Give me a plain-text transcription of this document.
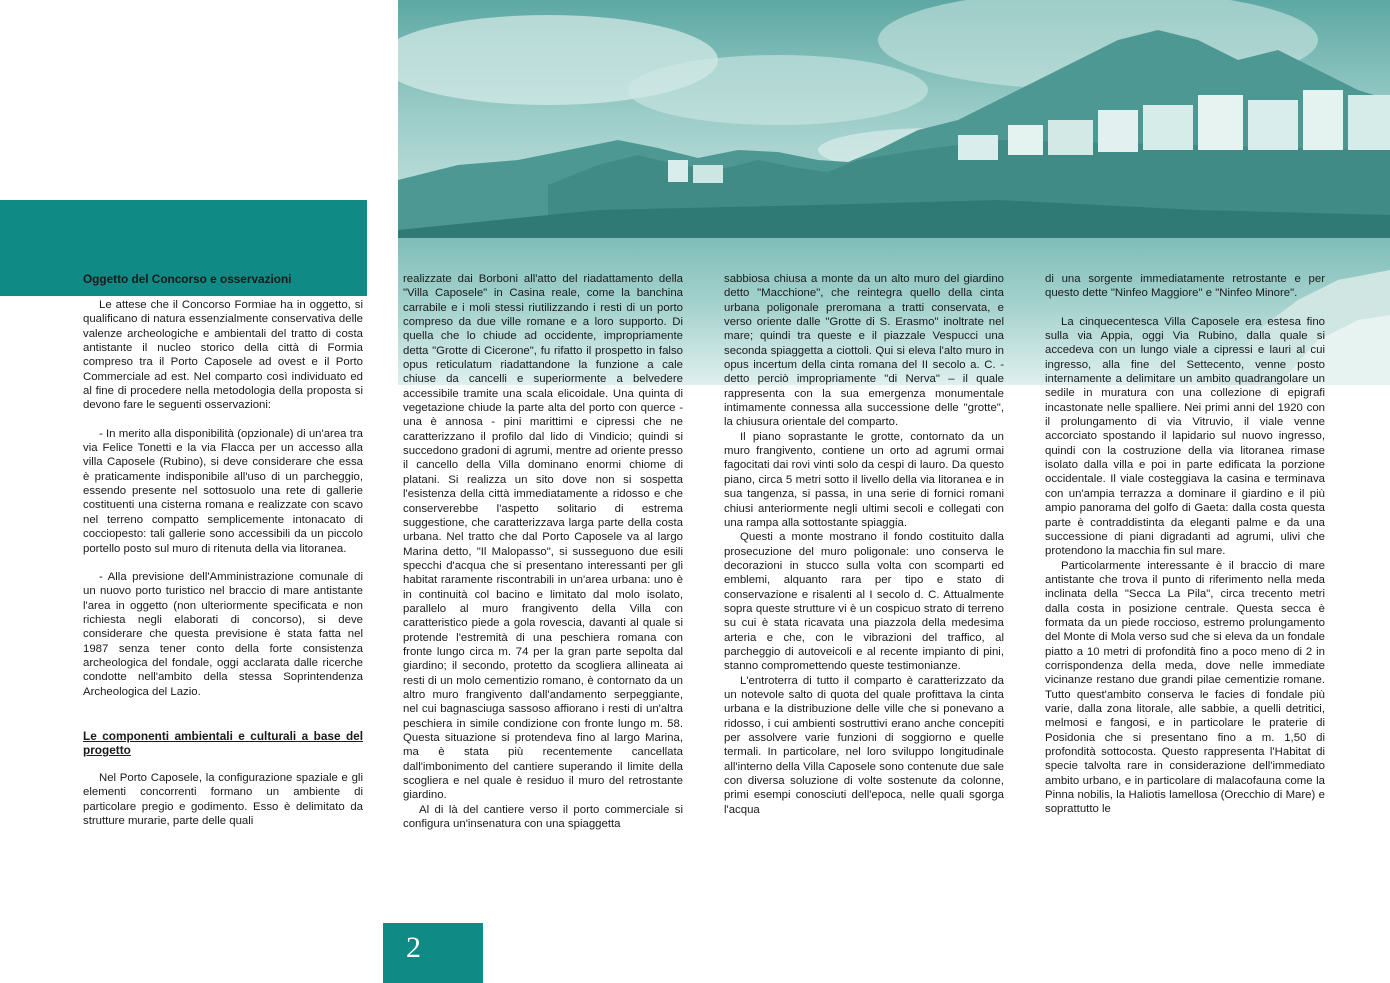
Oggetto del Concorso e osservazioni

Le attese che il Concorso Formiae ha in oggetto, si qualificano di natura essenzialmente conservativa delle valenze archeologiche e ambientali del tratto di costa antistante il nucleo storico della città di Formia compreso tra il Porto Caposele ad ovest e il Porto Commerciale ad est. Nel comparto così individuato ed al fine di procedere nella metodologia della proposta si devono fare le seguenti osservazioni:

- In merito alla disponibilità (opzionale) di un'area tra via Felice Tonetti e la via Flacca per un accesso alla villa Caposele (Rubino), si deve considerare che essa è praticamente indisponibile all'uso di un parcheggio, essendo presente nel sottosuolo una rete di gallerie costituenti una cisterna romana e realizzate con scavo nel terreno compatto semplicemente intonacato di cocciopesto: tali gallerie sono accessibili da un piccolo portello posto sul muro di ritenuta della via litoranea.

- Alla previsione dell'Amministrazione comunale di un nuovo porto turistico nel braccio di mare antistante l'area in oggetto (non ulteriormente specificata e non richiesta negli elaborati di concorso), si deve considerare che questa previsione è stata fatta nel 1987 senza tener conto della forte consistenza archeologica del fondale, oggi acclarata dalle ricerche condotte nell'ambito della stessa Soprintendenza Archeologica del Lazio.

Le componenti ambientali e culturali a base del progetto

Nel Porto Caposele, la configurazione spaziale e gli elementi concorrenti formano un ambiente di particolare pregio e godimento. Esso è delimitato da strutture murarie, parte delle quali

realizzate dai Borboni all'atto del riadattamento della "Villa Caposele" in Casina reale, come la banchina carrabile e i moli stessi riutilizzando i resti di un porto compreso da due ville romane e a loro supporto. Di quella che lo chiude ad occidente, impropriamente detta "Grotte di Cicerone", fu rifatto il prospetto in falso opus reticulatum riadattandone la funzione a cale chiuse da cancelli e superiormente a belvedere accessibile tramite una scala elicoidale. Una quinta di vegetazione chiude la parte alta del porto con querce - una è annosa - pini marittimi e cipressi che ne caratterizzano il profilo dal lido di Vindicio; quindi si succedono gradoni di agrumi, mentre ad oriente presso il cancello della Villa dominano enormi chiome di platani. Si realizza un sito dove non si sospetta l'esistenza della città immediatamente a ridosso e che conserverebbe l'aspetto solitario di estrema suggestione, che caratterizzava larga parte della costa urbana. Nel tratto che dal Porto Caposele va al largo Marina detto, "Il Malopasso", si susseguono due esili specchi d'acqua che si presentano interessanti per gli habitat raramente riscontrabili in un'area urbana: uno è in continuità col bacino e limitato dal molo isolato, parallelo al muro frangivento della Villa con caratteristico piede a gola rovescia, davanti al quale si protende l'estremità di una peschiera romana con fronte lungo circa m. 74 per la gran parte sepolta dal giardino; il secondo, protetto da scogliera allineata ai resti di un molo cementizio romano, è contornato da un altro muro frangivento dall'andamento serpeggiante, nel cui bagnasciuga sassoso affiorano i resti di un'altra peschiera in simile condizione con fronte lungo m. 58. Questa situazione si protendeva fino al largo Marina, ma è stata più recentemente cancellata dall'imbonimento del cantiere superando il limite della scogliera e nel quale è residuo il muro del retrostante giardino.

Al di là del cantiere verso il porto commerciale si configura un'insenatura con una spiaggetta

sabbiosa chiusa a monte da un alto muro del giardino detto "Macchione", che reintegra quello della cinta urbana poligonale preromana a tratti conservata, e verso oriente dalle "Grotte di S. Erasmo" inoltrate nel mare; quindi tra queste e il piazzale Vespucci una seconda spiaggetta a ciottoli. Qui si eleva l'alto muro in opus incertum della cinta romana del II secolo a. C. - detto perciò impropriamente "di Nerva" – il quale rappresenta con la sua emergenza monumentale intimamente connessa alla successione delle "grotte", la chiusura orientale del comparto.

Il piano soprastante le grotte, contornato da un muro frangivento, contiene un orto ad agrumi ormai fagocitati dai rovi vinti solo da cespi di lauro. Da questo piano, circa 5 metri sotto il livello della via litoranea e in sua tangenza, si passa, in una serie di fornici romani chiusi anteriormente negli ultimi secoli e collegati con una rampa alla sottostante spiaggia.

Questi a monte mostrano il fondo costituito dalla prosecuzione del muro poligonale: uno conserva le decorazioni in stucco sulla volta con scomparti ed emblemi, alquanto rara per tipo e stato di conservazione e risalenti al I secolo d. C. Attualmente sopra queste strutture vi è un cospicuo strato di terreno su cui è stata ricavata una piazzola della medesima arteria e che, con le vibrazioni del traffico, al parcheggio di autoveicoli e al recente impianto di pini, stanno compromettendo queste testimonianze.

L'entroterra di tutto il comparto è caratterizzato da un notevole salto di quota del quale profittava la cinta urbana e la distribuzione delle ville che si ponevano a ridosso, i cui ambienti sostruttivi erano anche concepiti per assolvere varie funzioni di soggiorno e quelle termali. In particolare, nel loro sviluppo longitudinale all'interno della Villa Caposele sono contenute due sale con diversa soluzione di volte sostenute da colonne, primi esempi conosciuti dell'epoca, nelle quali sgorga l'acqua

di una sorgente immediatamente retrostante e per questo dette "Ninfeo Maggiore" e "Ninfeo Minore".

La cinquecentesca Villa Caposele era estesa fino sulla via Appia, oggi Via Rubino, dalla quale si accedeva con un lungo viale a cipressi e lauri al cui ingresso, alla fine del Settecento, venne posto internamente a delimitare un ambito quadrangolare un sedile in muratura con una collezione di epigrafi incastonate nelle spalliere. Nei primi anni del 1920 con il prolungamento di via Vitruvio, il viale venne accorciato spostando il lapidario sul nuovo ingresso, quindi con la costruzione della via litoranea rimase isolato dalla villa e poi in parte edificata la porzione occidentale. Il viale costeggiava la casina e terminava con un'ampia terrazza a dominare il giardino e il più ampio panorama del golfo di Gaeta: dalla costa questa parte è contraddistinta da eleganti palme e da una successione di piani digradanti ad agrumi, ulivi che protendono la macchia fin sul mare.

Particolarmente interessante è il braccio di mare antistante che trova il punto di riferimento nella meda inclinata della "Secca La Pila", circa trecento metri dalla costa in posizione centrale. Questa secca è formata da un piede roccioso, estremo prolungamento del Monte di Mola verso sud che si eleva da un fondale piatto a 10 metri di profondità fino a poco meno di 2 in corrispondenza della meda, dove nelle immediate vicinanze restano due grandi pilae cementizie romane. Tutto quest'ambito conserva le facies di fondale più varie, dalla zona litorale, alle sabbie, a quelli detritici, melmosi e fangosi, e in particolare le praterie di Posidonia che si presentano fino a m. 1,50 di profondità sottocosta. Questo rappresenta l'Habitat di specie talvolta rare in considerazione dell'immediato ambito urbano, e in particolare di malacofauna come la Pinna nobilis, la Haliotis lamellosa (Orecchio di Mare) e soprattutto le

2
